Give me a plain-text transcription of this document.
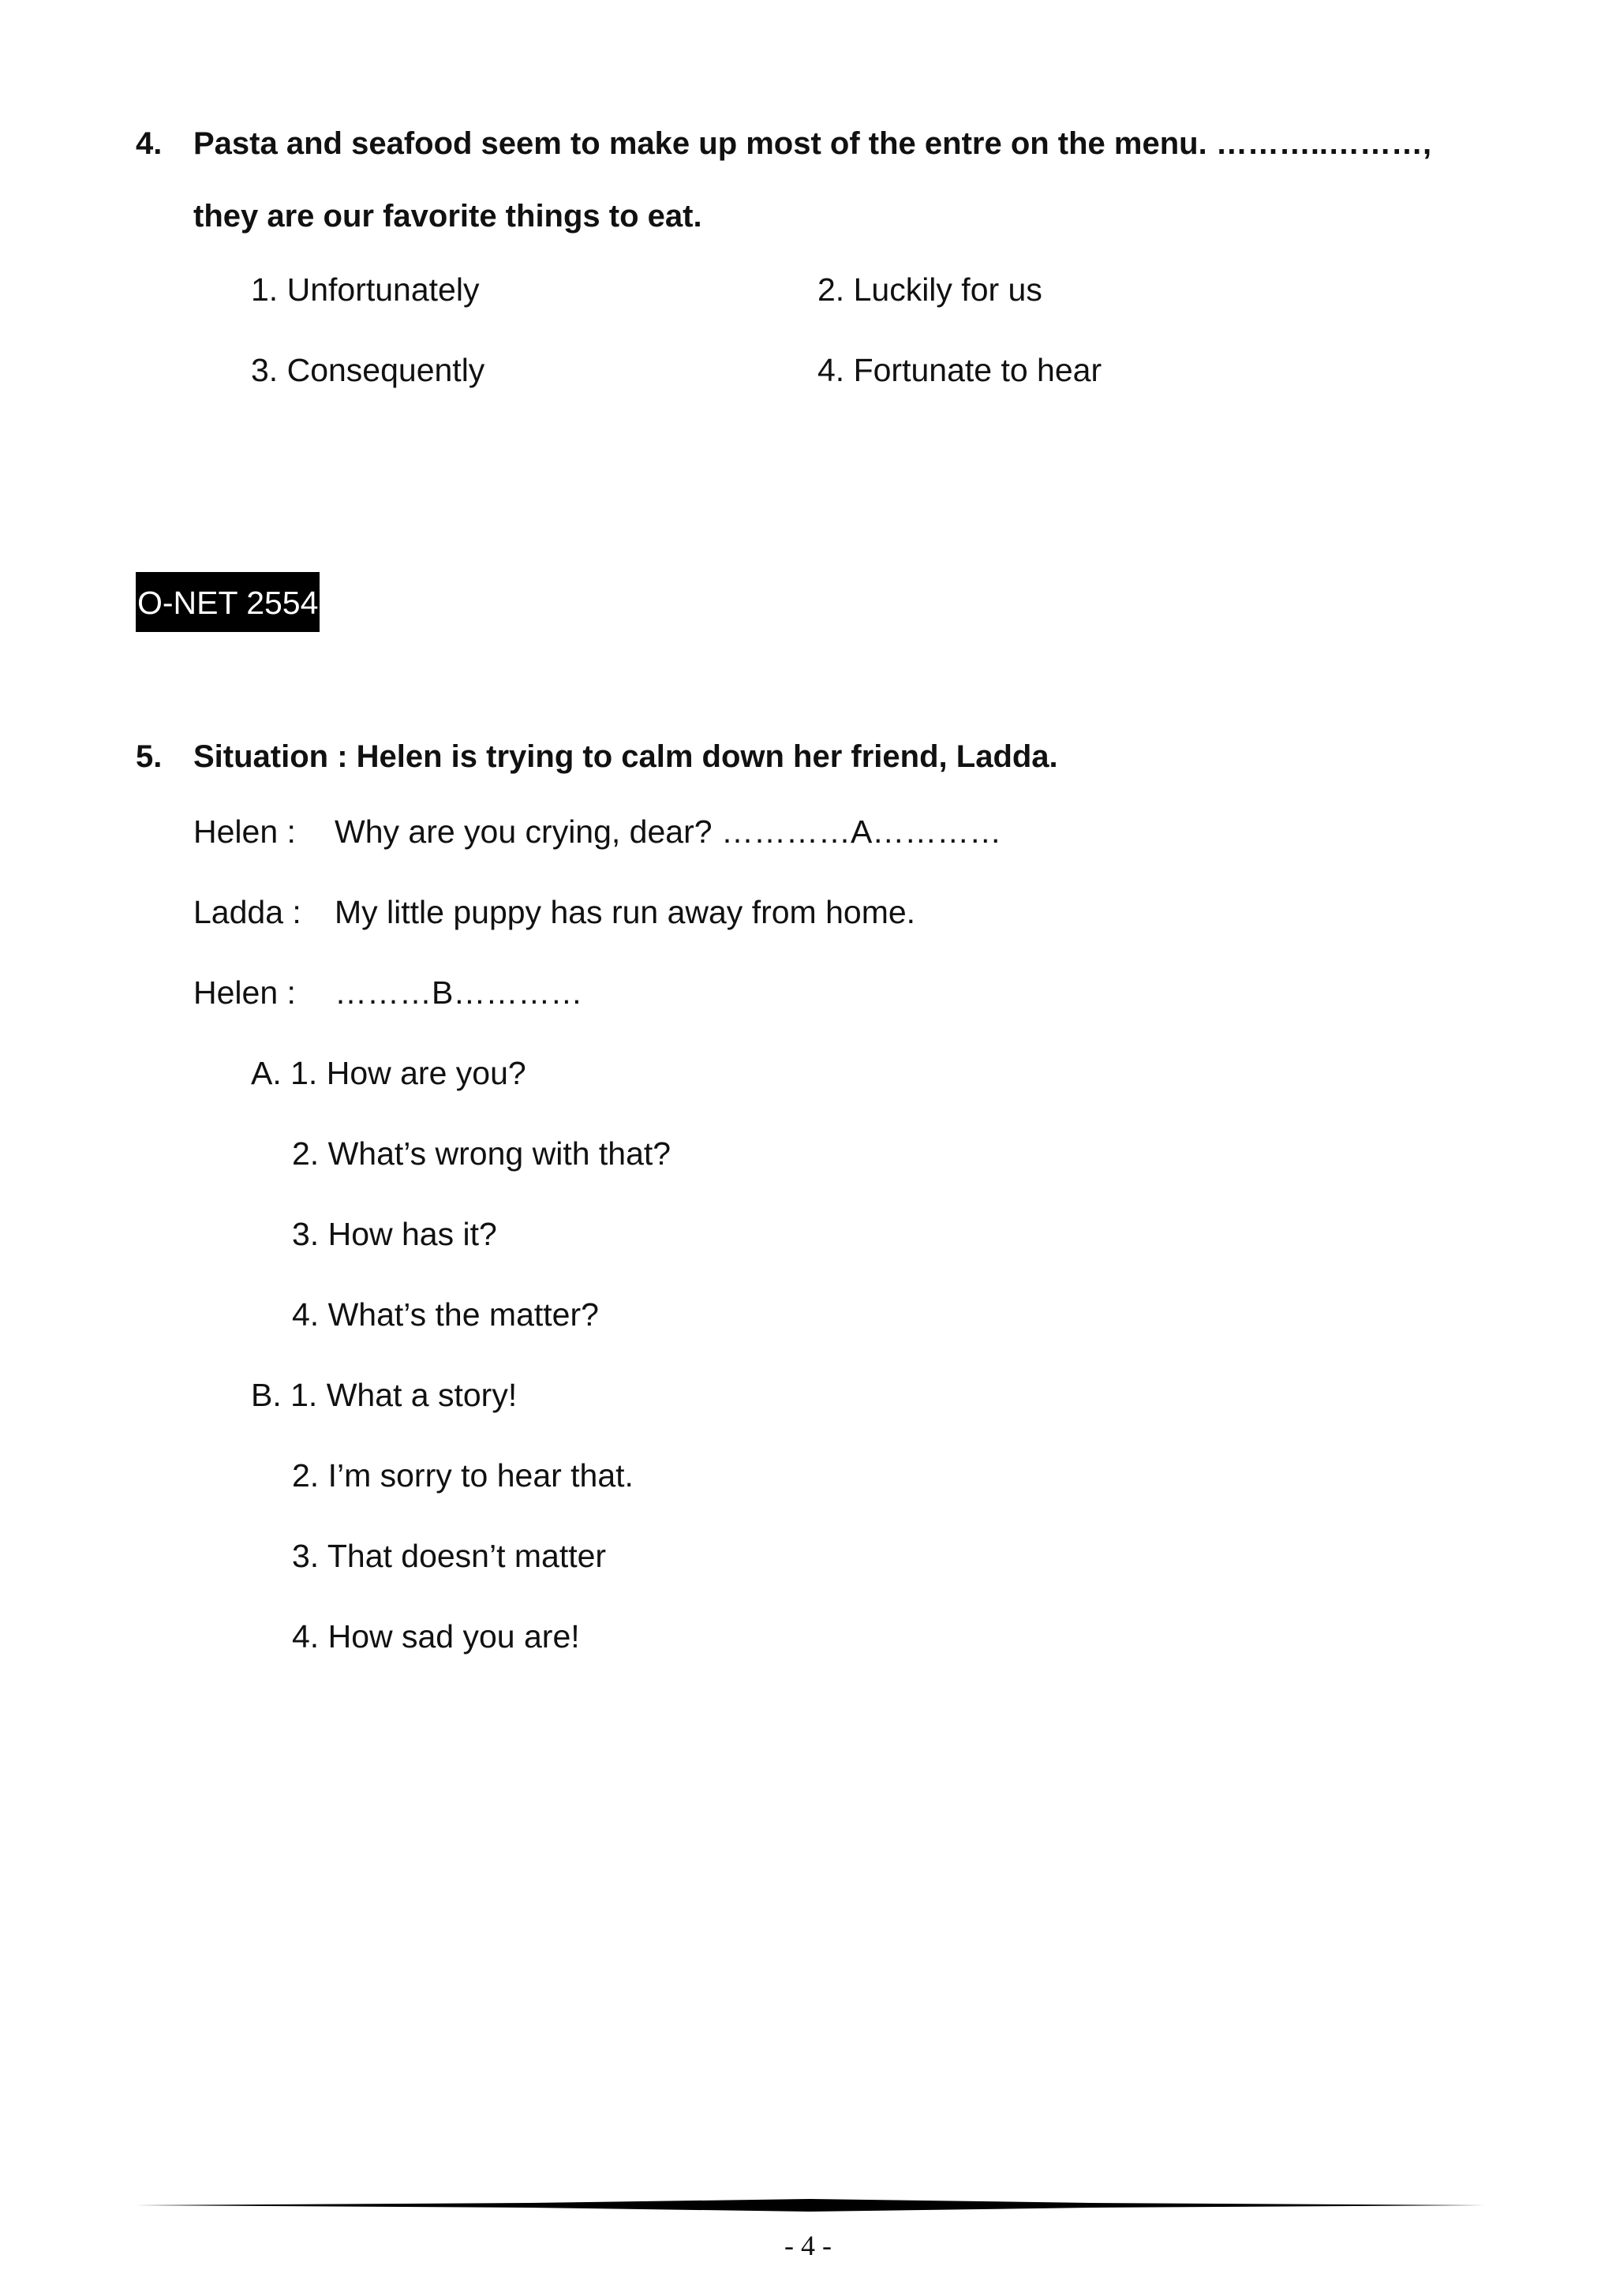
4. Pasta and seafood seem to make up most of the entre on the menu. ………..………,
they are our favorite things to eat.
1. Unfortunately	2. Luckily for us
3. Consequently	4. Fortunate to hear
O-NET 2554
5. Situation : Helen is trying to calm down her friend, Ladda.
Helen : Why are you crying, dear? …………A…………
Ladda : My little puppy has run away from home.
Helen : ………B…………
A. 1. How are you?
2. What’s wrong with that?
3. How has it?
4. What’s the matter?
B. 1. What a story!
2. I’m sorry to hear that.
3. That doesn’t matter
4. How sad you are!
- 4 -
